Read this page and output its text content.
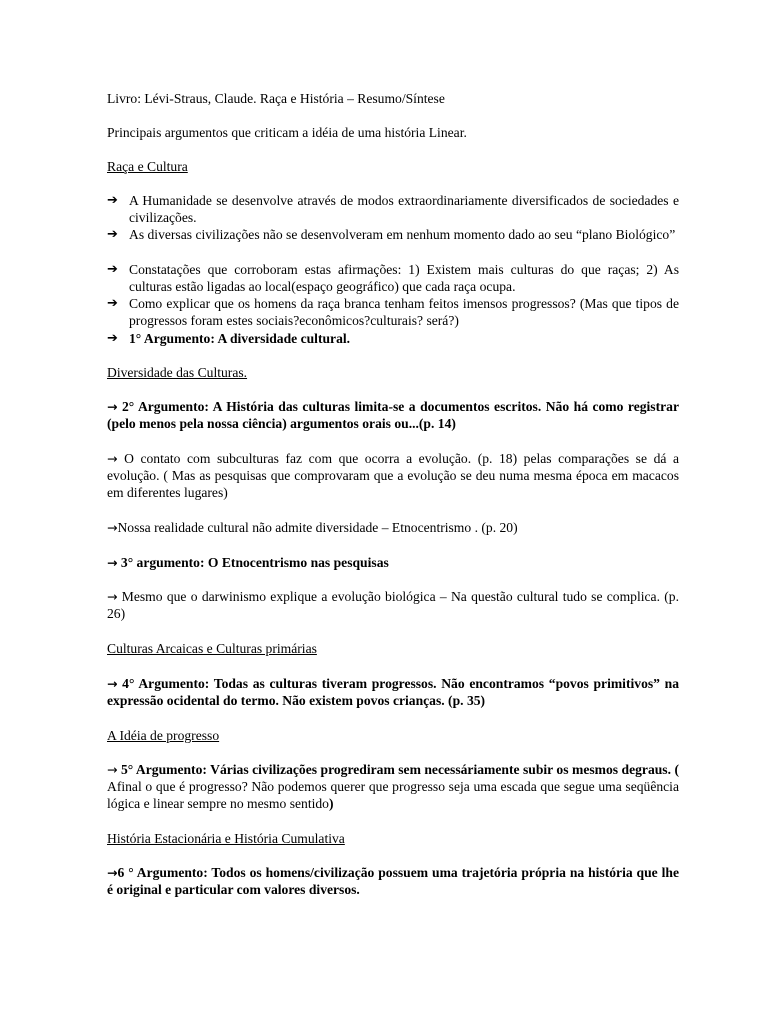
Livro: Lévi-Straus, Claude. Raça e História – Resumo/Síntese

Principais argumentos que criticam a idéia de uma história Linear.

Raça e Cultura

➔ A Humanidade se desenvolve através de modos extraordinariamente diversificados de sociedades e civilizações.
➔ As diversas civilizações não se desenvolveram em nenhum momento dado ao seu “plano Biológico”
➔ Constatações que corroboram estas afirmações: 1) Existem mais culturas do que raças; 2) As culturas estão ligadas ao local(espaço geográfico) que cada raça ocupa.
➔ Como explicar que os homens da raça branca tenham feitos imensos progressos? (Mas que tipos de progressos foram estes sociais?econômicos?culturais? será?)
➔ 1° Argumento: A diversidade cultural.

Diversidade das Culturas.

→ 2° Argumento: A História das culturas limita-se a documentos escritos. Não há como registrar (pelo menos pela nossa ciência) argumentos orais ou...(p. 14)

→ O contato com subculturas faz com que ocorra a evolução. (p. 18) pelas comparações se dá a evolução. ( Mas as pesquisas que comprovaram que a evolução se deu numa mesma época em macacos em diferentes lugares)

→Nossa realidade cultural não admite diversidade – Etnocentrismo . (p. 20)

→ 3° argumento: O Etnocentrismo nas pesquisas

→ Mesmo que o darwinismo explique a evolução biológica – Na questão cultural tudo se complica. (p. 26)

Culturas Arcaicas e Culturas primárias

→ 4° Argumento: Todas as culturas tiveram progressos. Não encontramos “povos primitivos” na expressão ocidental do termo. Não existem povos crianças. (p. 35)

A Idéia de progresso

→ 5° Argumento: Várias civilizações progrediram sem necessáriamente subir os mesmos degraus. ( Afinal o que é progresso? Não podemos querer que progresso seja uma escada que segue uma seqüência lógica e linear sempre no mesmo sentido)

História Estacionária e História Cumulativa

→6 ° Argumento: Todos os homens/civilização possuem uma trajetória própria na história que lhe é original e particular com valores diversos.
